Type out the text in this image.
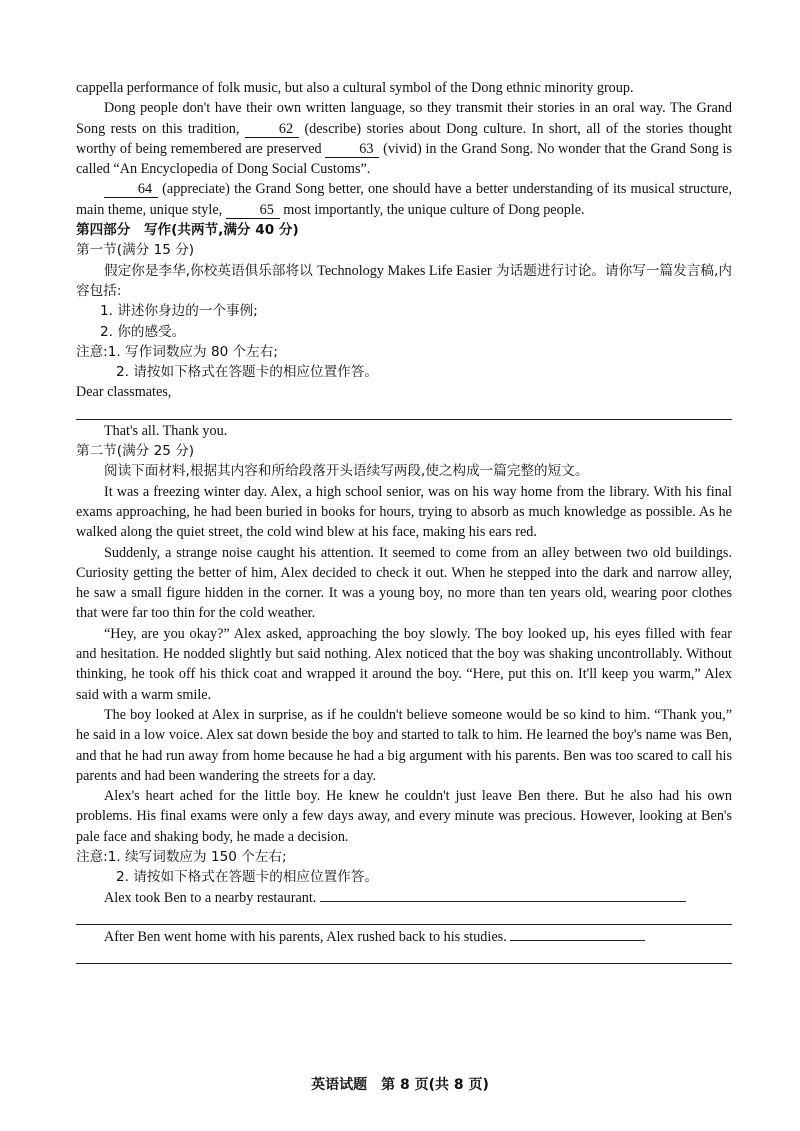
cappella performance of folk music, but also a cultural symbol of the Dong ethnic minority group.

Dong people don't have their own written language, so they transmit their stories in an oral way. The Grand Song rests on this tradition,	62 (describe) stories about Dong culture. In short, all of the stories thought worthy of being remembered are preserved	63 (vivid) in the Grand Song. No wonder that the Grand Song is called “An Encyclopedia of Dong Social Customs”.

64 (appreciate) the Grand Song better, one should have a better understanding of its musical structure, main theme, unique style,	65 most importantly, the unique culture of Dong people.

第四部分　写作(共两节,满分 40 分)

第一节(满分 15 分)

假定你是李华,你校英语俱乐部将以 Technology Makes Life Easier 为话题进行讨论。请你写一篇发言稿,内容包括:

1. 讲述你身边的一个事例;

2. 你的感受。

注意:1. 写作词数应为 80 个左右;

2. 请按如下格式在答题卡的相应位置作答。

Dear classmates,

That's all. Thank you.

第二节(满分 25 分)

阅读下面材料,根据其内容和所给段落开头语续写两段,使之构成一篇完整的短文。

It was a freezing winter day. Alex, a high school senior, was on his way home from the library. With his final exams approaching, he had been buried in books for hours, trying to absorb as much knowledge as possible. As he walked along the quiet street, the cold wind blew at his face, making his ears red.

Suddenly, a strange noise caught his attention. It seemed to come from an alley between two old buildings. Curiosity getting the better of him, Alex decided to check it out. When he stepped into the dark and narrow alley, he saw a small figure hidden in the corner. It was a young boy, no more than ten years old, wearing poor clothes that were far too thin for the cold weather.

“Hey, are you okay?” Alex asked, approaching the boy slowly. The boy looked up, his eyes filled with fear and hesitation. He nodded slightly but said nothing. Alex noticed that the boy was shaking uncontrollably. Without thinking, he took off his thick coat and wrapped it around the boy. “Here, put this on. It'll keep you warm,” Alex said with a warm smile.

The boy looked at Alex in surprise, as if he couldn't believe someone would be so kind to him. “Thank you,” he said in a low voice. Alex sat down beside the boy and started to talk to him. He learned the boy's name was Ben, and that he had run away from home because he had a big argument with his parents. Ben was too scared to call his parents and had been wandering the streets for a day.

Alex's heart ached for the little boy. He knew he couldn't just leave Ben there. But he also had his own problems. His final exams were only a few days away, and every minute was precious. However, looking at Ben's pale face and shaking body, he made a decision.

注意:1. 续写词数应为 150 个左右;

2. 请按如下格式在答题卡的相应位置作答。

Alex took Ben to a nearby restaurant.

After Ben went home with his parents, Alex rushed back to his studies.

英语试题　第 8 页(共 8 页)
